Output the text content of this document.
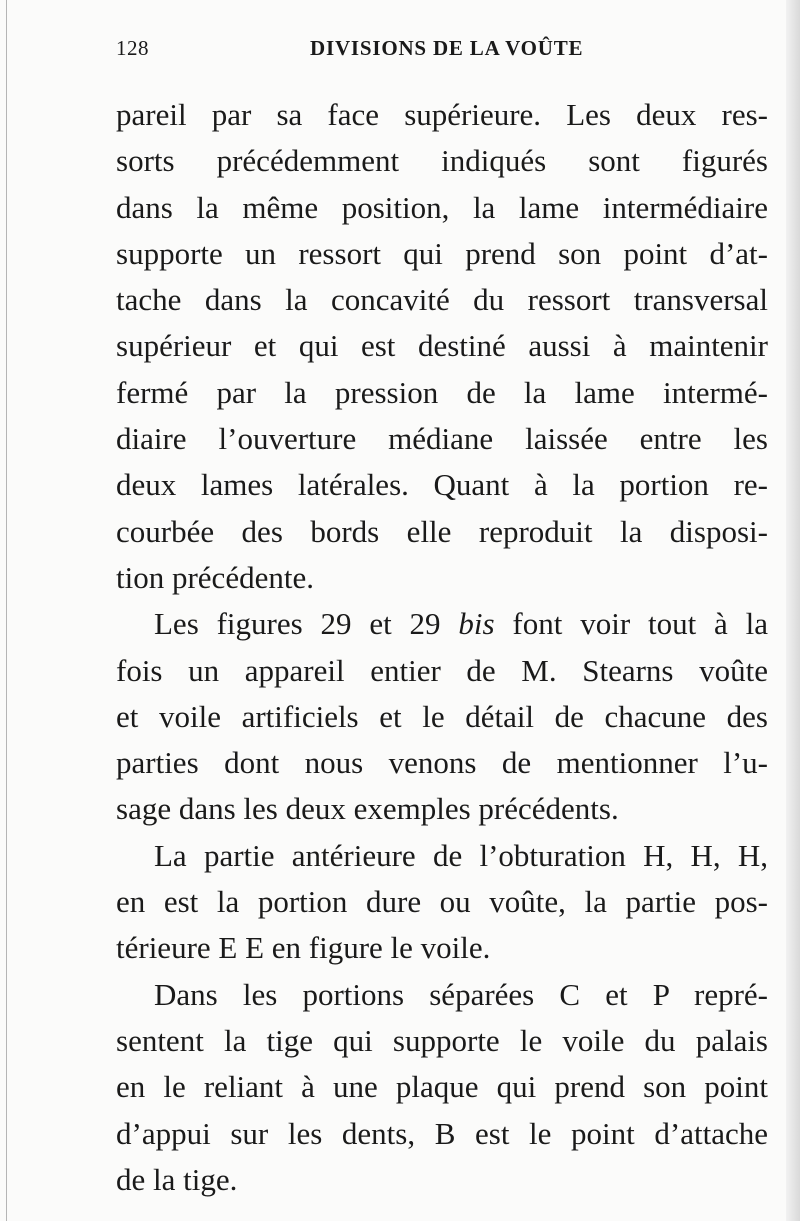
128	DIVISIONS DE LA VOÛTE
pareil par sa face supérieure. Les deux res-
sorts précédemment indiqués sont figurés
dans la même position, la lame intermédiaire
supporte un ressort qui prend son point d’at-
tache dans la concavité du ressort transversal
supérieur et qui est destiné aussi à maintenir
fermé par la pression de la lame intermé-
diaire l’ouverture médiane laissée entre les
deux lames latérales. Quant à la portion re-
courbée des bords elle reproduit la disposi-
tion précédente.
Les figures 29 et 29 bis font voir tout à la
fois un appareil entier de M. Stearns voûte
et voile artificiels et le détail de chacune des
parties dont nous venons de mentionner l’u-
sage dans les deux exemples précédents.
La partie antérieure de l’obturation H, H, H,
en est la portion dure ou voûte, la partie pos-
térieure E E en figure le voile.
Dans les portions séparées C et P repré-
sentent la tige qui supporte le voile du palais
en le reliant à une plaque qui prend son point
d’appui sur les dents, B est le point d’attache
de la tige.
